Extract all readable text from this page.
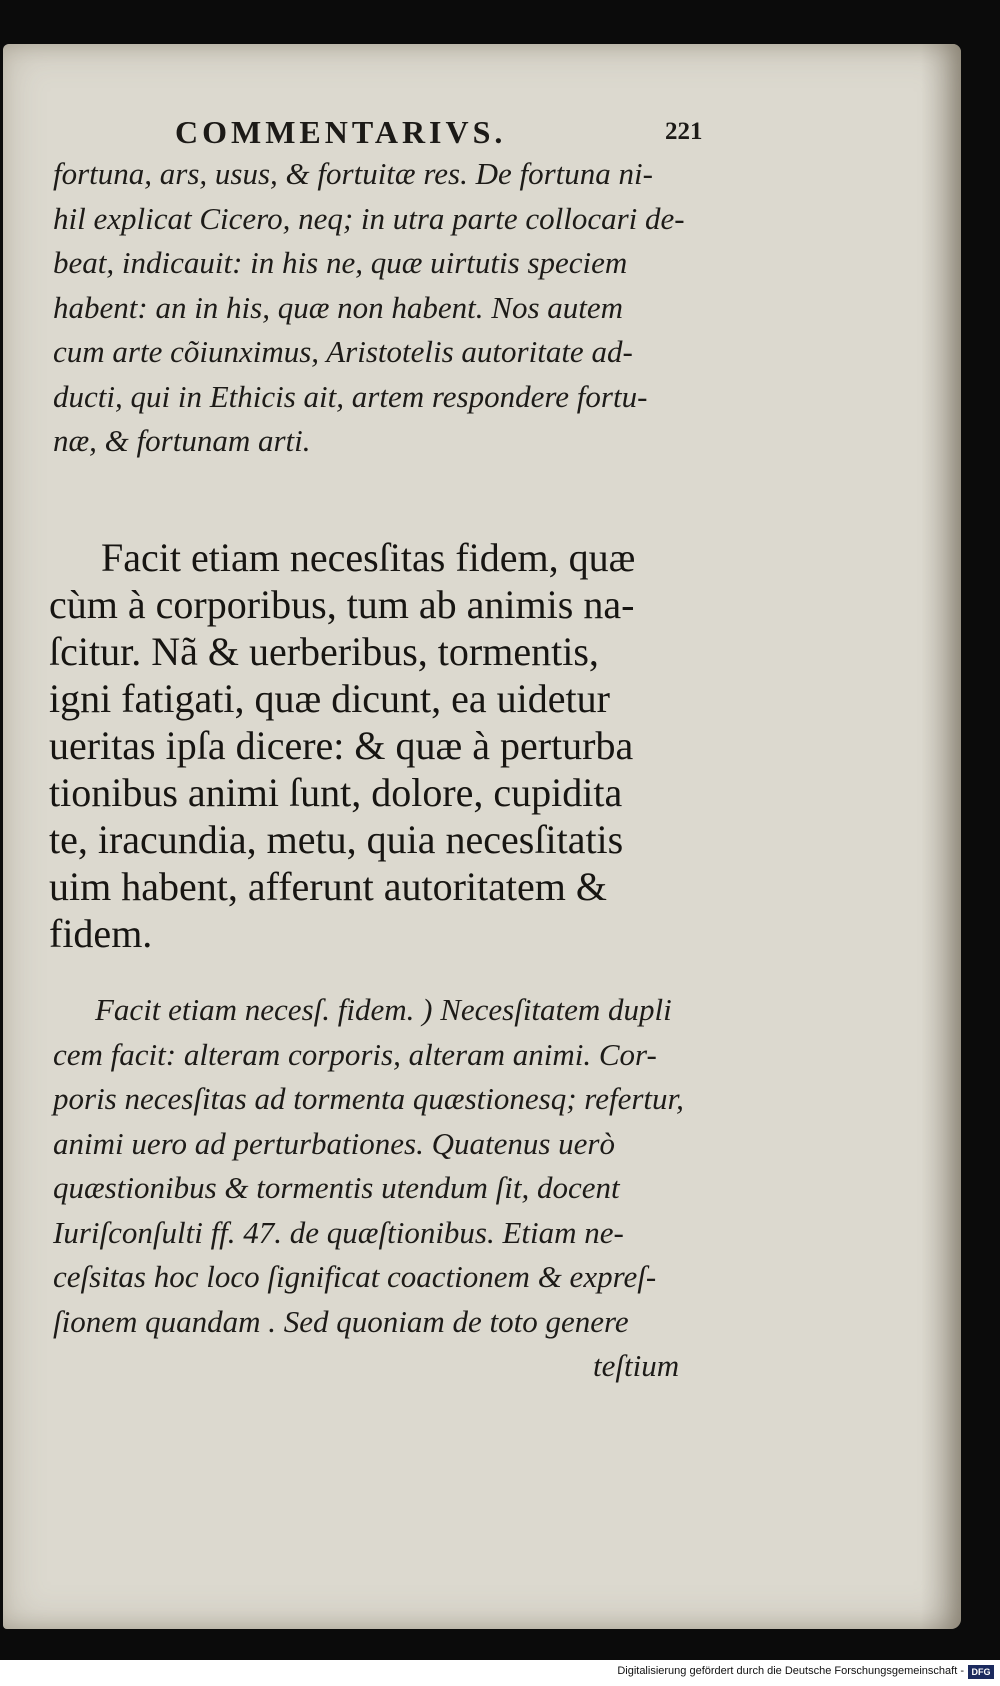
COMMENTARIVS.	221
fortuna, ars, usus, & fortuitæ res. De fortuna ni-
hil explicat Cicero, neq; in utra parte collocari de-
beat, indicauit: in his ne, quæ uirtutis speciem
habent: an in his, quæ non habent. Nos autem
cum arte cõiunximus, Aristotelis autoritate ad-
ducti, qui in Ethicis ait, artem respondere fortu-
næ, & fortunam arti.
Facit etiam necesſitas fidem, quæ
cùm à corporibus, tum ab animis na-
ſcitur. Nã & uerberibus, tormentis,
igni fatigati, quæ dicunt, ea uidetur
ueritas ipſa dicere: & quæ à perturba
tionibus animi ſunt, dolore, cupidita
te, iracundia, metu, quia necesſitatis
uim habent, afferunt autoritatem &
fidem.
Facit etiam necesſ. fidem. ) Necesſitatem dupli
cem facit: alteram corporis, alteram animi. Cor-
poris necesſitas ad tormenta quæstionesq; refertur,
animi uero ad perturbationes. Quatenus uerò
quæstionibus & tormentis utendum ſit, docent
Iuriſconſulti ff. 47. de quæſtionibus. Etiam ne-
ceſsitas hoc loco ſignificat coactionem & expreſ-
ſionem quandam . Sed quoniam de toto genere
teſtium
Digitalisierung gefördert durch die Deutsche Forschungsgemeinschaft - DFG
